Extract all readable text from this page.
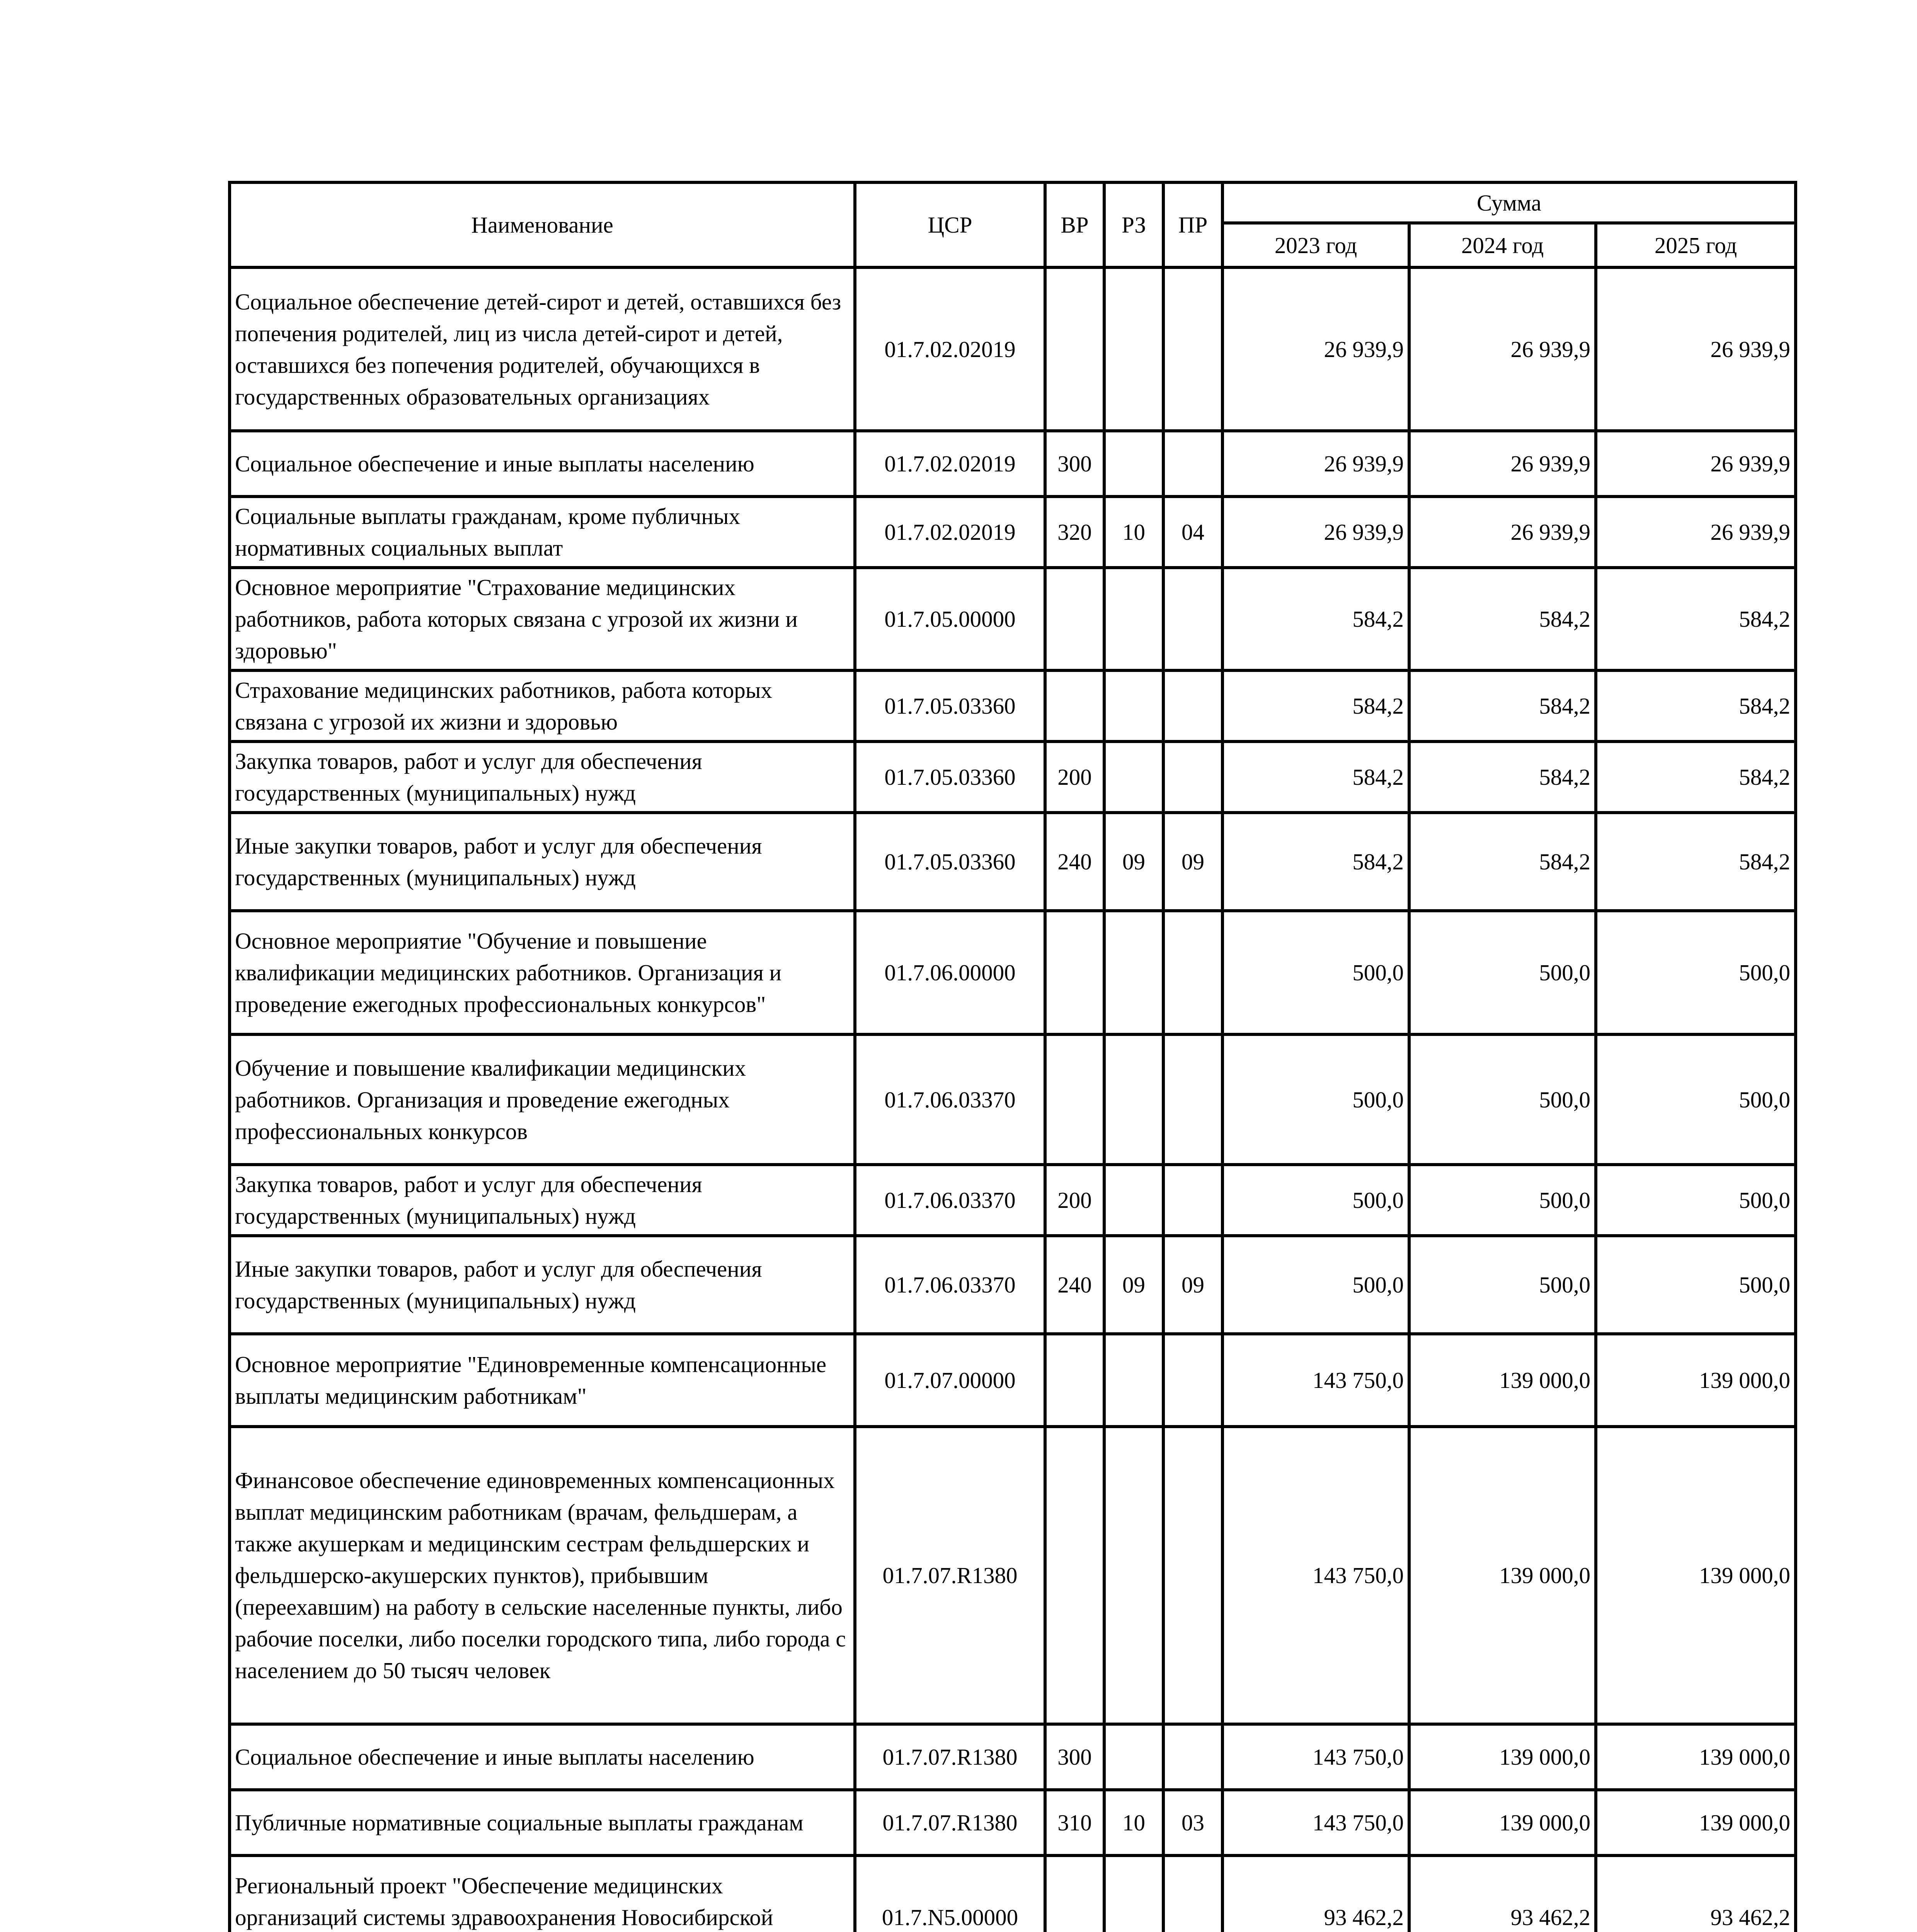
Наименование	ЦСР	ВР	РЗ	ПР	Сумма		
					2023 год	2024 год	2025 год
Социальное обеспечение детей-сирот и детей, оставшихся без попечения родителей, лиц из числа детей-сирот и детей, оставшихся без попечения родителей, обучающихся в государственных образовательных организациях	01.7.02.02019				26 939,9	26 939,9	26 939,9
Социальное обеспечение и иные выплаты населению	01.7.02.02019	300			26 939,9	26 939,9	26 939,9
Социальные выплаты гражданам, кроме публичных нормативных социальных выплат	01.7.02.02019	320	10	04	26 939,9	26 939,9	26 939,9
Основное мероприятие "Страхование медицинских работников, работа которых связана с угрозой их жизни и здоровью"	01.7.05.00000				584,2	584,2	584,2
Страхование медицинских работников, работа которых связана с угрозой их жизни и здоровью	01.7.05.03360				584,2	584,2	584,2
Закупка товаров, работ и услуг для обеспечения государственных (муниципальных) нужд	01.7.05.03360	200			584,2	584,2	584,2
Иные закупки товаров, работ и услуг для обеспечения государственных (муниципальных) нужд	01.7.05.03360	240	09	09	584,2	584,2	584,2
Основное мероприятие "Обучение и повышение квалификации медицинских работников. Организация и проведение ежегодных профессиональных конкурсов"	01.7.06.00000				500,0	500,0	500,0
Обучение и повышение квалификации медицинских работников. Организация и проведение ежегодных профессиональных конкурсов	01.7.06.03370				500,0	500,0	500,0
Закупка товаров, работ и услуг для обеспечения государственных (муниципальных) нужд	01.7.06.03370	200			500,0	500,0	500,0
Иные закупки товаров, работ и услуг для обеспечения государственных (муниципальных) нужд	01.7.06.03370	240	09	09	500,0	500,0	500,0
Основное мероприятие "Единовременные компенсационные выплаты медицинским работникам"	01.7.07.00000				143 750,0	139 000,0	139 000,0
Финансовое обеспечение единовременных компенсационных выплат медицинским работникам (врачам, фельдшерам, а также акушеркам и медицинским сестрам фельдшерских и фельдшерско-акушерских пунктов), прибывшим (переехавшим) на работу в сельские населенные пункты, либо рабочие поселки, либо поселки городского типа, либо города с населением до 50 тысяч человек	01.7.07.R1380				143 750,0	139 000,0	139 000,0
Социальное обеспечение и иные выплаты населению	01.7.07.R1380	300			143 750,0	139 000,0	139 000,0
Публичные нормативные социальные выплаты гражданам	01.7.07.R1380	310	10	03	143 750,0	139 000,0	139 000,0
Региональный проект "Обеспечение медицинских организаций системы здравоохранения Новосибирской	01.7.N5.00000				93 462,2	93 462,2	93 462,2
